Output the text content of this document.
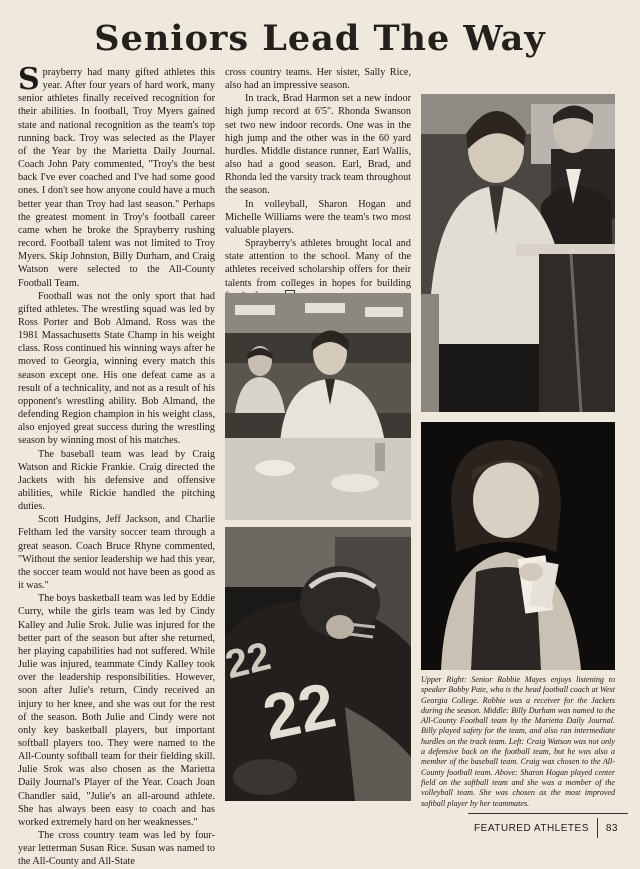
Seniors Lead The Way

Sprayberry had many gifted athletes this year. After four years of hard work, many senior athletes finally received recognition for their abilities. In football, Troy Myers gained state and national recognition as the team's top running back. Troy was selected as the Player of the Year by the Marietta Daily Journal. Coach John Paty commented, "Troy's the best back I've ever coached and I've had some good ones. I don't see how anyone could have a much better year than Troy had last season." Perhaps the greatest moment in Troy's football career came when he broke the Sprayberry rushing record. Football talent was not limited to Troy Myers. Skip Johnston, Billy Durham, and Craig Watson were selected to the All-County Football Team.

Football was not the only sport that had gifted athletes. The wrestling squad was led by Ross Porter and Bob Almand. Ross was the 1981 Massachusetts State Champ in his weight class. Ross continued his winning ways after he moved to Georgia, winning every match this season except one. His one defeat came as a result of a technicality, and not as a result of his opponent's wrestling ability. Bob Almand, the defending Region champion in his weight class, also enjoyed great success during the wrestling season by winning most of his matches.

The baseball team was lead by Craig Watson and Rickie Frankie. Craig directed the Jackets with his defensive and offensive abilities, while Rickie handled the pitching duties.

Scott Hudgins, Jeff Jackson, and Charlie Feltham led the varsity soccer team through a great season. Coach Bruce Rhyne commented, "Without the senior leadership we had this year, the soccer team would not have been as good as it was."

The boys basketball team was led by Eddie Curry, while the girls team was led by Cindy Kalley and Julie Srok. Julie was injured for the better part of the season but after she returned, her playing capabilities had not suffered. While Julie was injured, teammate Cindy Kalley took over the leadership responsibilities. However, soon after Julie's return, Cindy received an injury to her knee, and she was out for the rest of the season. Both Julie and Cindy were not only key basketball players, but important softball players too. They were named to the All-County softball team for their fielding skill. Julie Srok was also chosen as the Marietta Daily Journal's Player of the Year. Coach Joan Chandler said, "Julie's an all-around athlete. She has always been easy to coach and has worked extremely hard on her weaknesses."

The cross country team was led by four-year letterman Susan Rice. Susan was named to the All-County and All-State

cross country teams. Her sister, Sally Rice, also had an impressive season.

In track, Brad Harmon set a new indoor high jump record at 6'5". Rhonda Swanson set two new indoor records. One was in the high jump and the other was in the 60 yard hurdles. Middle distance runner, Earl Wallis, also had a good season. Earl, Brad, and Rhonda led the varsity track team throughout the season.

In volleyball, Sharon Hogan and Michelle Williams were the team's two most valuable players.

Sprayberry's athletes brought local and state attention to the school. Many of the athletes received scholarship offers for their talents from colleges in hopes for building

22
22	Upper Right: Senior Robbie Mayes enjoys listening to speaker Bobby Pate, who is the head football coach at West Georgia College. Robbie was a receiver for the Jackets during the season. Middle: Billy Durham was named to the All-County Football team by the Marietta Daily Journal. Billy played safety for the team, and also ran intermediate hurdles on the track team. Left: Craig Watson was not only a defensive back on the football team, but he was also a member of the baseball team. Craig was chosen to the All-County football team. Above: Sharon Hogan played center field on the softball team and she was a member of the volleyball team. She was chosen as the most improved softball player by her teammates.

FEATURED ATHLETES 83
